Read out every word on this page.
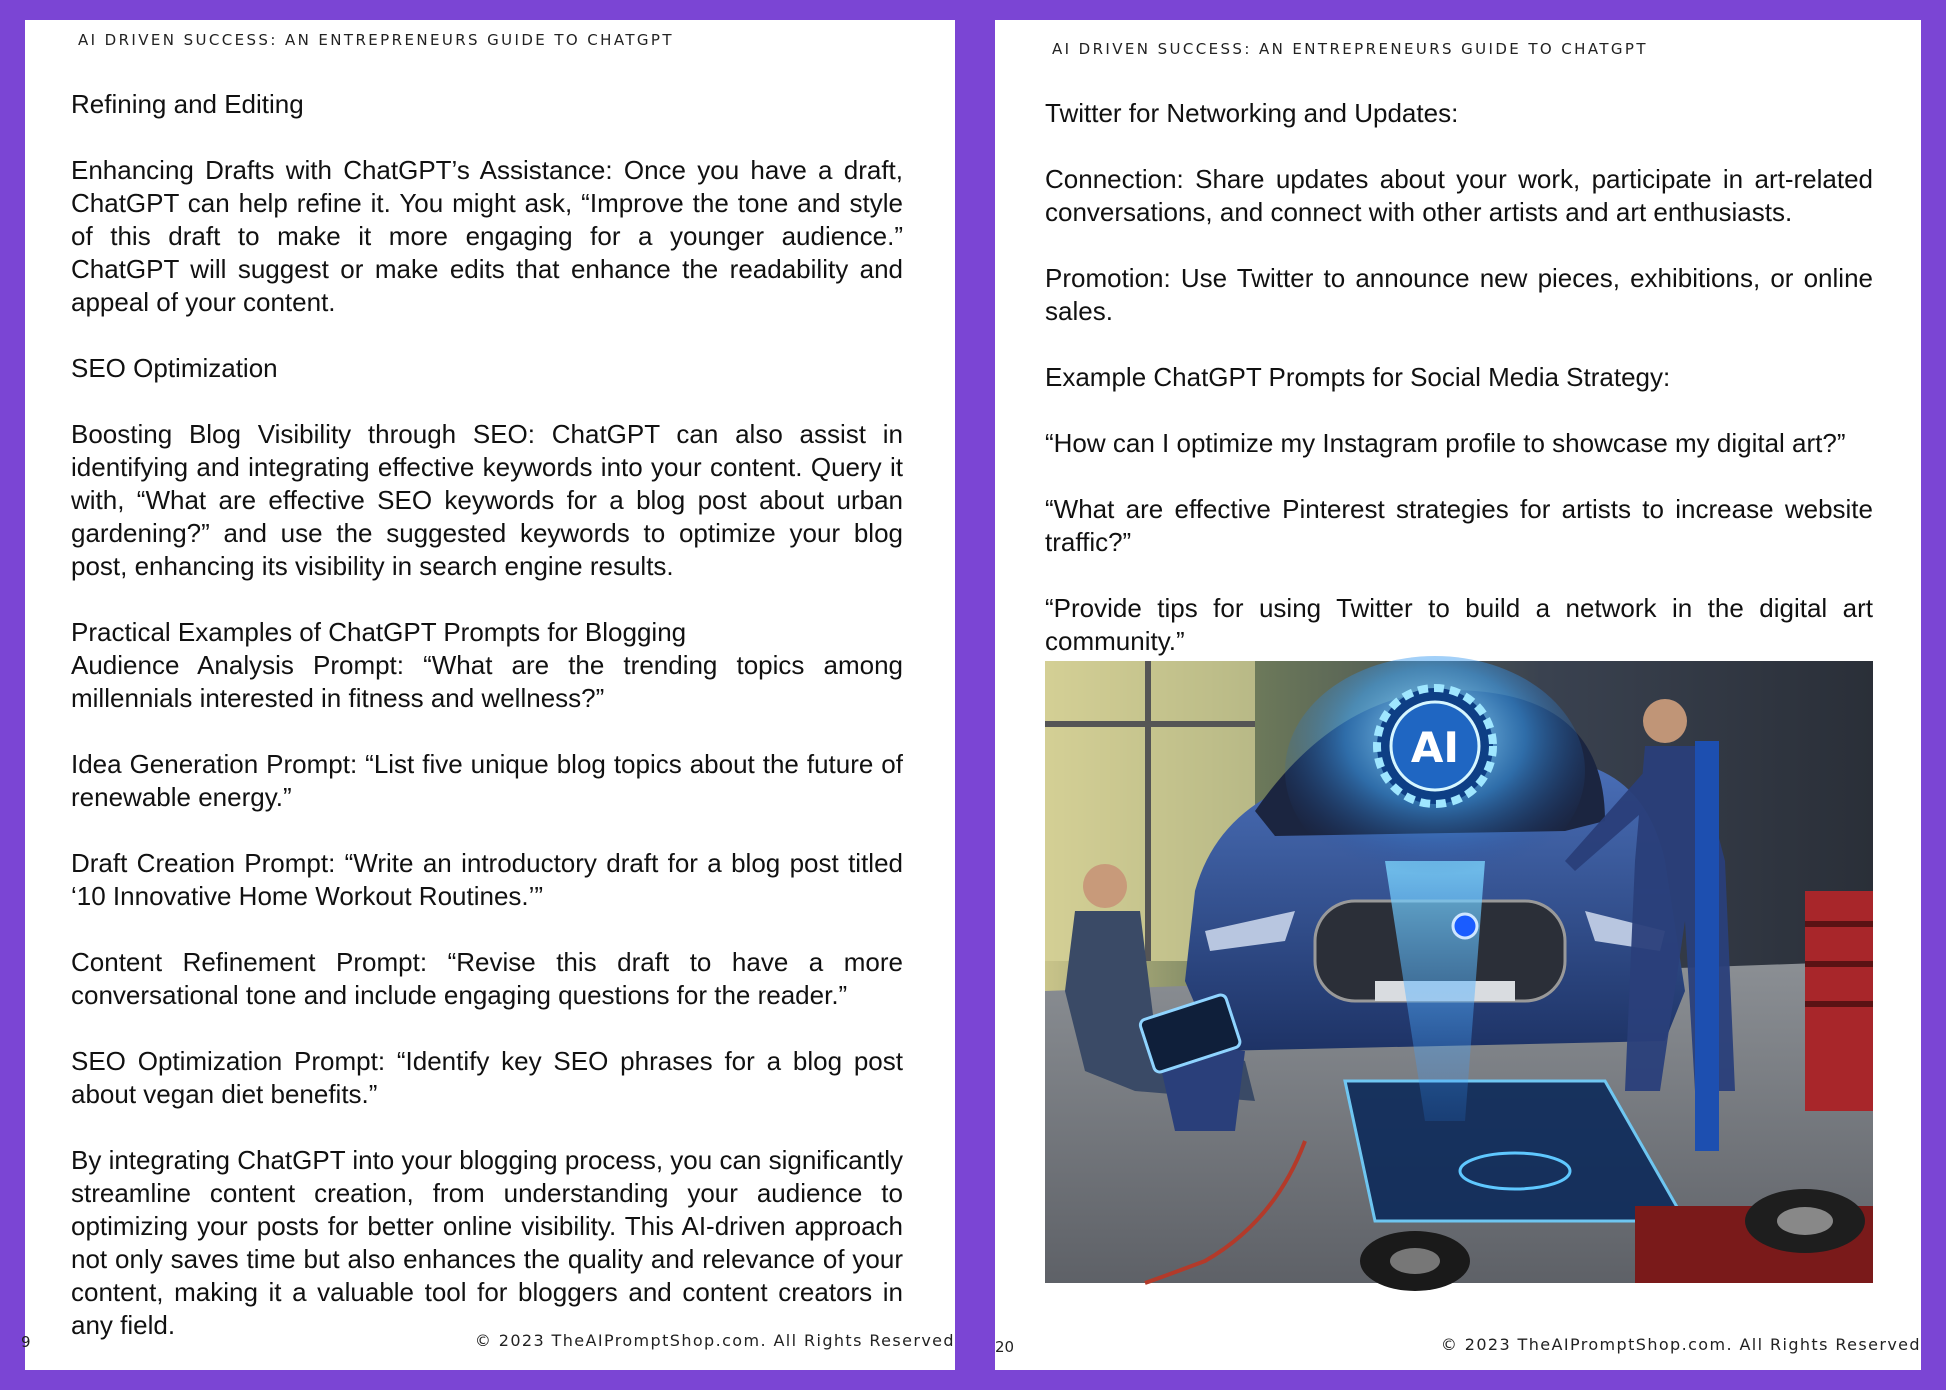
AI DRIVEN SUCCESS: AN ENTREPRENEURS GUIDE TO CHATGPT

Refining and Editing

Enhancing Drafts with ChatGPT’s Assistance: Once you have a draft, ChatGPT can help refine it. You might ask, “Improve the tone and style of this draft to make it more engaging for a younger audience.” ChatGPT will suggest or make edits that enhance the readability and appeal of your content.

SEO Optimization

Boosting Blog Visibility through SEO: ChatGPT can also assist in identifying and integrating effective keywords into your content. Query it with, “What are effective SEO keywords for a blog post about urban gardening?” and use the suggested keywords to optimize your blog post, enhancing its visibility in search engine results.

Practical Examples of ChatGPT Prompts for Blogging

Audience Analysis Prompt: “What are the trending topics among millennials interested in fitness and wellness?”

Idea Generation Prompt: “List five unique blog topics about the future of renewable energy.”

Draft Creation Prompt: “Write an introductory draft for a blog post titled ‘10 Innovative Home Workout Routines.’”

Content Refinement Prompt: “Revise this draft to have a more conversational tone and include engaging questions for the reader.”

SEO Optimization Prompt: “Identify key SEO phrases for a blog post about vegan diet benefits.”

By integrating ChatGPT into your blogging process, you can significantly streamline content creation, from understanding your audience to optimizing your posts for better online visibility. This AI-driven approach not only saves time but also enhances the quality and relevance of your content, making it a valuable tool for bloggers and content creators in any field.

9	© 2023 TheAIPromptShop.com. All Rights Reserved
AI DRIVEN SUCCESS: AN ENTREPRENEURS GUIDE TO CHATGPT

Twitter for Networking and Updates:

Connection: Share updates about your work, participate in art-related conversations, and connect with other artists and art enthusiasts.

Promotion: Use Twitter to announce new pieces, exhibitions, or online sales.

Example ChatGPT Prompts for Social Media Strategy:

“How can I optimize my Instagram profile to showcase my digital art?”

“What are effective Pinterest strategies for artists to increase website traffic?”

“Provide tips for using Twitter to build a network in the digital art community.”

AI
20	© 2023 TheAIPromptShop.com. All Rights Reserved
